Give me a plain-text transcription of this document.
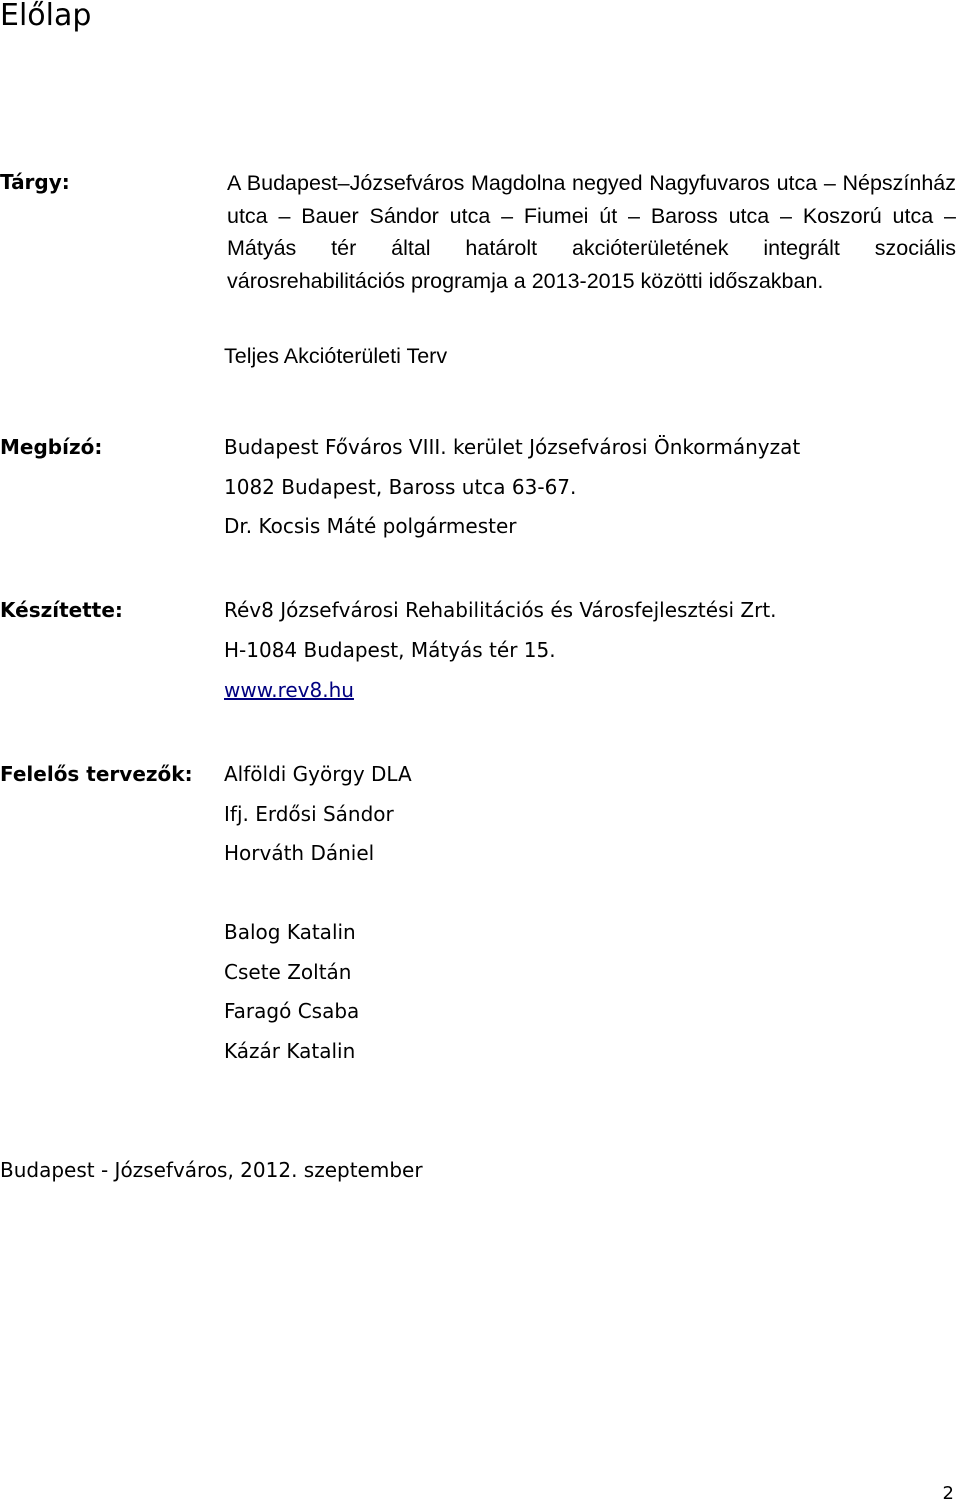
Előlap
Tárgy:	A Budapest–Józsefváros Magdolna negyed Nagyfuvaros utca – Népszínház utca – Bauer Sándor utca – Fiumei út – Baross utca – Koszorú utca – Mátyás tér által határolt akcióterületének integrált szociális városrehabilitációs programja a 2013-2015 közötti időszakban.
Teljes Akcióterületi Terv
Megbízó:	Budapest Főváros VIII. kerület Józsefvárosi Önkormányzat
1082 Budapest, Baross utca 63-67.
Dr. Kocsis Máté polgármester
Készítette:	Rév8 Józsefvárosi Rehabilitációs és Városfejlesztési Zrt.
H-1084 Budapest, Mátyás tér 15.
www.rev8.hu
Felelős tervezők: Alföldi György DLA
Ifj. Erdősi Sándor
Horváth Dániel
Balog Katalin
Csete Zoltán
Faragó Csaba
Kázár Katalin
Budapest - Józsefváros, 2012. szeptember
2
